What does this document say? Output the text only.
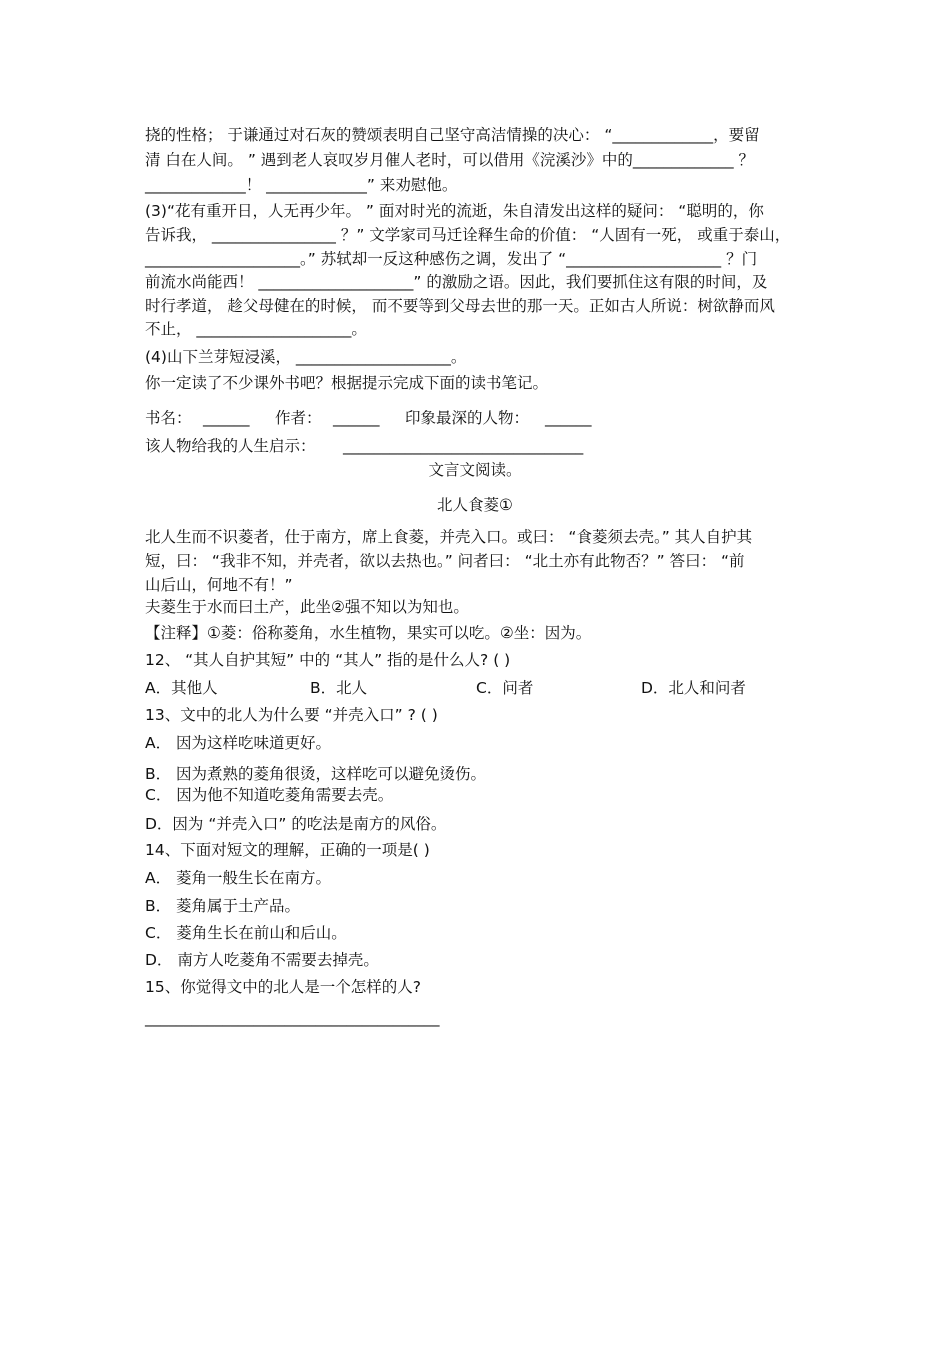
挠的性格； 于谦通过对石灰的赞颂表明自己坚守高洁情操的决心： “_____________，要留
清 白在人间。 ” 遇到老人哀叹岁月催人老时，可以借用《浣溪沙》中的_____________ ？
_____________！ _____________” 来劝慰他。
(3)“花有重开日，人无再少年。 ” 面对时光的流逝，朱自清发出这样的疑问： “聪明的，你
告诉我， ________________ ？” 文学家司马迁诠释生命的价值： “人固有一死， 或重于泰山，
____________________。” 苏轼却一反这种感伤之调，发出了 “____________________ ？门
前流水尚能西！ ____________________” 的激励之语。因此，我们要抓住这有限的时间，及
时行孝道， 趁父母健在的时候， 而不要等到父母去世的那一天。正如古人所说：树欲静而风
不止， ____________________。
(4)山下兰芽短浸溪， ____________________。
你一定读了不少课外书吧？根据提示完成下面的读书笔记。
书名： ______ 作者： ______ 印象最深的人物： ______
该人物给我的人生启示： _______________________________
文言文阅读。
北人食菱①
北人生而不识菱者，仕于南方，席上食菱，并壳入口。或曰： “食菱须去壳。” 其人自护其
短，曰： “我非不知，并壳者，欲以去热也。” 问者曰： “北土亦有此物否？” 答曰： “前
山后山，何地不有！”
夫菱生于水而曰土产，此坐②强不知以为知也。
【注释】①菱：俗称菱角，水生植物，果实可以吃。②坐：因为。
12、 “其人自护其短” 中的 “其人” 指的是什么人? ( )
A．其他人	B．北人	C．问者	D．北人和问者
13、文中的北人为什么要 “并壳入口” ? ( )
A． 因为这样吃味道更好。
B． 因为煮熟的菱角很烫，这样吃可以避免烫伤。
C． 因为他不知道吃菱角需要去壳。
D．因为 “并壳入口” 的吃法是南方的风俗。
14、下面对短文的理解，正确的一项是( )
A． 菱角一般生长在南方。
B． 菱角属于土产品。
C． 菱角生长在前山和后山。
D． 南方人吃菱角不需要去掉壳。
15、你觉得文中的北人是一个怎样的人?
______________________________________
